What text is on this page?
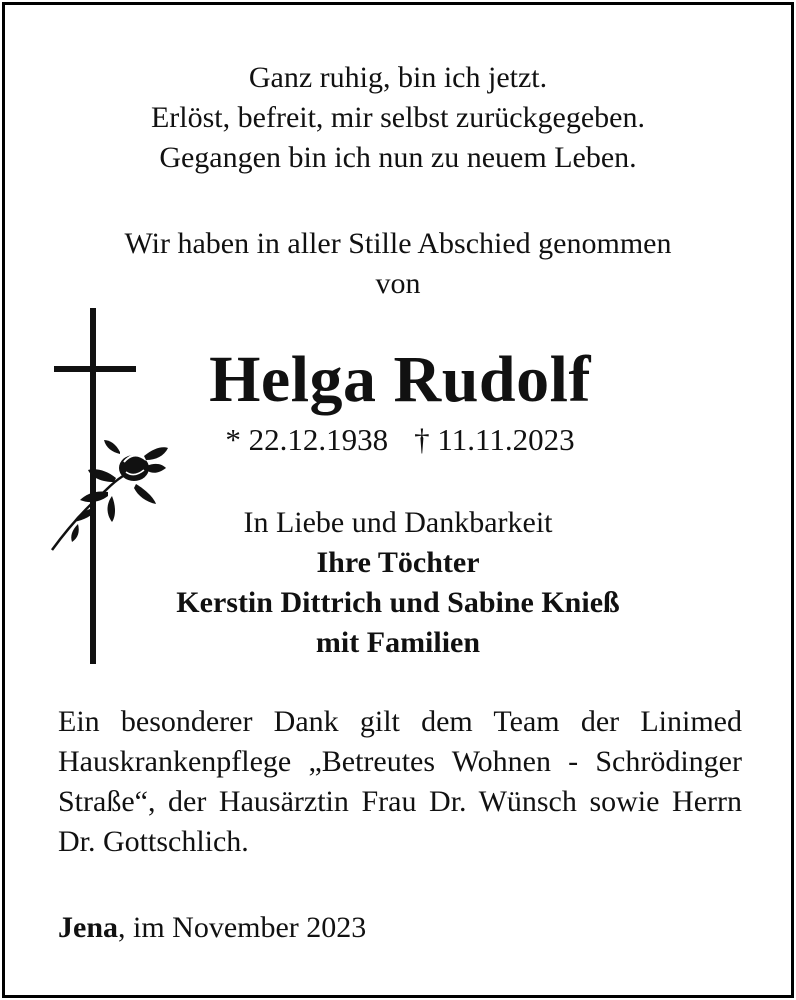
Ganz ruhig, bin ich jetzt.
Erlöst, befreit, mir selbst zurückgegeben.
Gegangen bin ich nun zu neuem Leben.
Wir haben in aller Stille Abschied genommen
von
Helga Rudolf
* 22.12.1938 † 11.11.2023
In Liebe und Dankbarkeit
Ihre Töchter
Kerstin Dittrich und Sabine Knieß
mit Familien
Ein besonderer Dank gilt dem Team der Linimed Hauskrankenpflege „Betreutes Wohnen - Schrödinger Straße“, der Hausärztin Frau Dr. Wünsch sowie Herrn Dr. Gottschlich.
Jena, im November 2023
